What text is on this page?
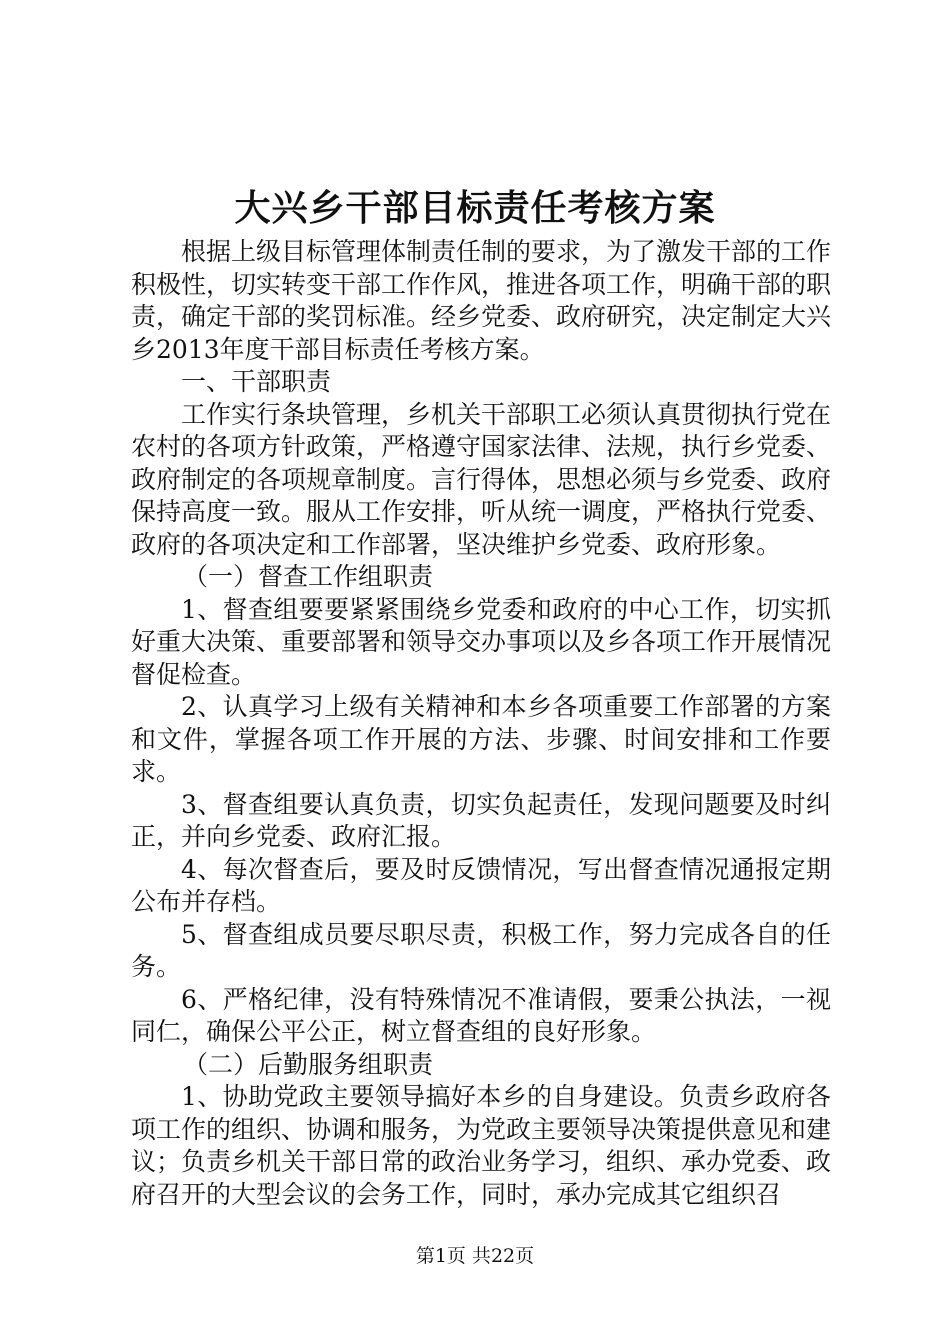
大兴乡干部目标责任考核方案

根据上级目标管理体制责任制的要求，为了激发干部的工作积极性，切实转变干部工作作风，推进各项工作，明确干部的职责，确定干部的奖罚标准。经乡党委、政府研究，决定制定大兴乡2013年度干部目标责任考核方案。

一、干部职责

工作实行条块管理，乡机关干部职工必须认真贯彻执行党在农村的各项方针政策，严格遵守国家法律、法规，执行乡党委、政府制定的各项规章制度。言行得体，思想必须与乡党委、政府保持高度一致。服从工作安排，听从统一调度，严格执行党委、政府的各项决定和工作部署，坚决维护乡党委、政府形象。

（一）督查工作组职责

1、督查组要要紧紧围绕乡党委和政府的中心工作，切实抓好重大决策、重要部署和领导交办事项以及乡各项工作开展情况督促检查。

2、认真学习上级有关精神和本乡各项重要工作部署的方案和文件，掌握各项工作开展的方法、步骤、时间安排和工作要求。

3、督查组要认真负责，切实负起责任，发现问题要及时纠正，并向乡党委、政府汇报。

4、每次督查后，要及时反馈情况，写出督查情况通报定期公布并存档。

5、督查组成员要尽职尽责，积极工作，努力完成各自的任务。

6、严格纪律，没有特殊情况不准请假，要秉公执法，一视同仁，确保公平公正，树立督查组的良好形象。

（二）后勤服务组职责

1、协助党政主要领导搞好本乡的自身建设。负责乡政府各项工作的组织、协调和服务，为党政主要领导决策提供意见和建议；负责乡机关干部日常的政治业务学习，组织、承办党委、政府召开的大型会议的会务工作，同时，承办完成其它组织召

第1页 共22页
